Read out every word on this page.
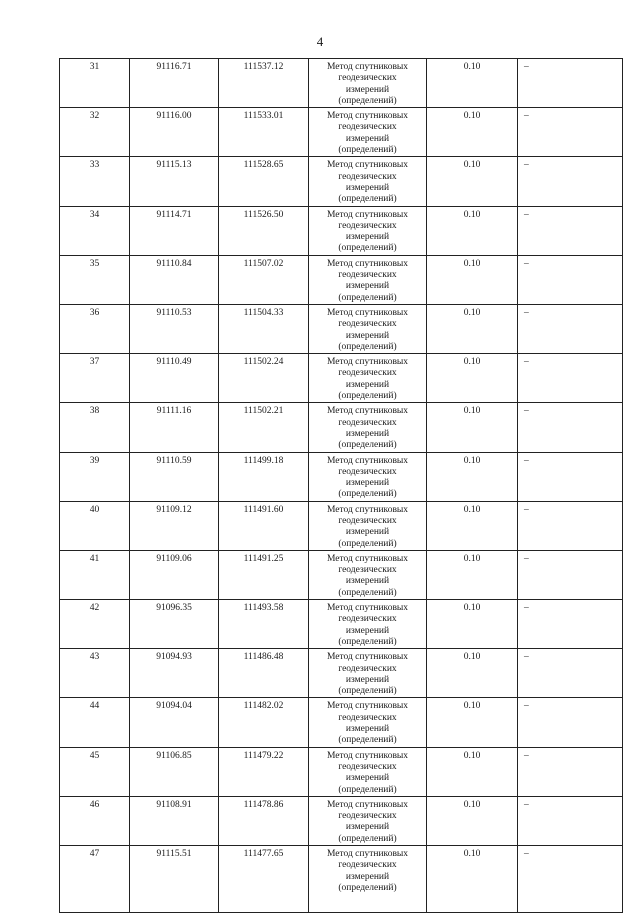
4
31	91116.71	111537.12	Метод спутниковых
геодезических
измерений
(определений)	0.10	–
32	91116.00	111533.01	Метод спутниковых
геодезических
измерений
(определений)	0.10	–
33	91115.13	111528.65	Метод спутниковых
геодезических
измерений
(определений)	0.10	–
34	91114.71	111526.50	Метод спутниковых
геодезических
измерений
(определений)	0.10	–
35	91110.84	111507.02	Метод спутниковых
геодезических
измерений
(определений)	0.10	–
36	91110.53	111504.33	Метод спутниковых
геодезических
измерений
(определений)	0.10	–
37	91110.49	111502.24	Метод спутниковых
геодезических
измерений
(определений)	0.10	–
38	91111.16	111502.21	Метод спутниковых
геодезических
измерений
(определений)	0.10	–
39	91110.59	111499.18	Метод спутниковых
геодезических
измерений
(определений)	0.10	–
40	91109.12	111491.60	Метод спутниковых
геодезических
измерений
(определений)	0.10	–
41	91109.06	111491.25	Метод спутниковых
геодезических
измерений
(определений)	0.10	–
42	91096.35	111493.58	Метод спутниковых
геодезических
измерений
(определений)	0.10	–
43	91094.93	111486.48	Метод спутниковых
геодезических
измерений
(определений)	0.10	–
44	91094.04	111482.02	Метод спутниковых
геодезических
измерений
(определений)	0.10	–
45	91106.85	111479.22	Метод спутниковых
геодезических
измерений
(определений)	0.10	–
46	91108.91	111478.86	Метод спутниковых
геодезических
измерений
(определений)	0.10	–
47	91115.51	111477.65	Метод спутниковых
геодезических
измерений
(определений)	0.10	–
